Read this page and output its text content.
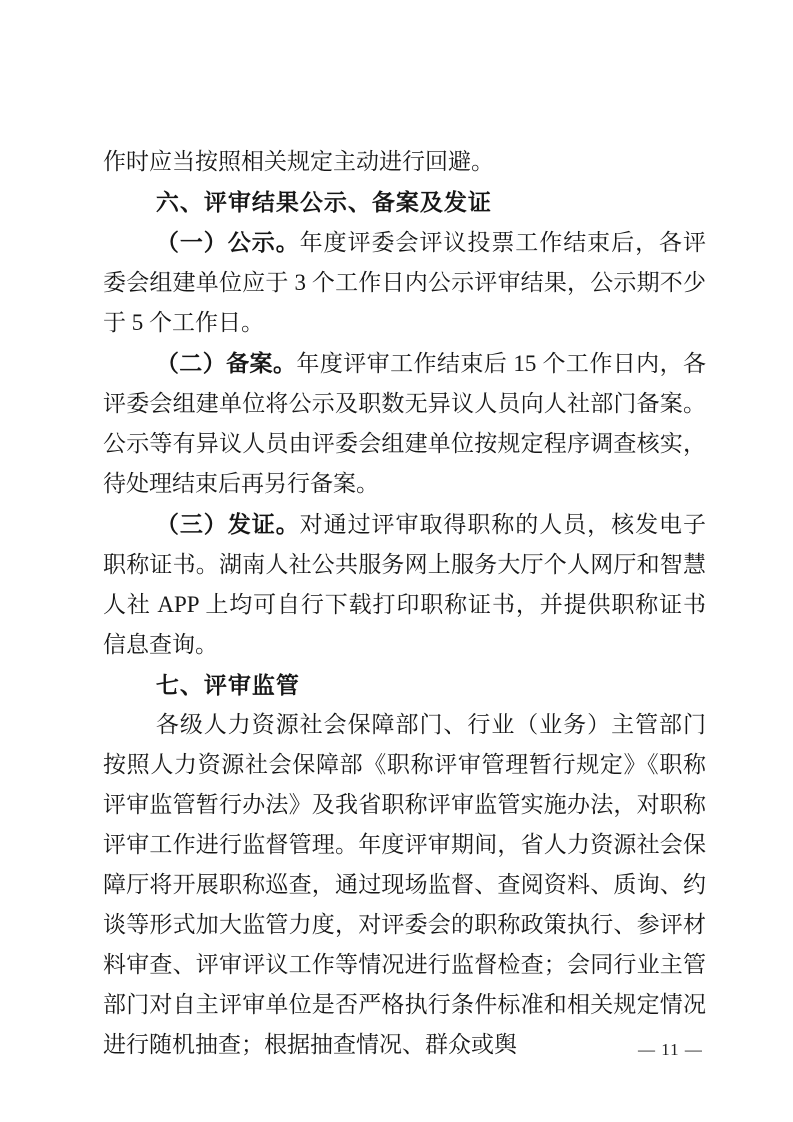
作时应当按照相关规定主动进行回避。

六、评审结果公示、备案及发证

（一）公示。年度评委会评议投票工作结束后，各评委会组建单位应于 3 个工作日内公示评审结果，公示期不少于 5 个工作日。

（二）备案。年度评审工作结束后 15 个工作日内，各评委会组建单位将公示及职数无异议人员向人社部门备案。公示等有异议人员由评委会组建单位按规定程序调查核实，待处理结束后再另行备案。

（三）发证。对通过评审取得职称的人员，核发电子职称证书。湖南人社公共服务网上服务大厅个人网厅和智慧人社 APP 上均可自行下载打印职称证书，并提供职称证书信息查询。

七、评审监管

各级人力资源社会保障部门、行业（业务）主管部门按照人力资源社会保障部《职称评审管理暂行规定》《职称评审监管暂行办法》及我省职称评审监管实施办法，对职称评审工作进行监督管理。年度评审期间，省人力资源社会保障厅将开展职称巡查，通过现场监督、查阅资料、质询、约谈等形式加大监管力度，对评委会的职称政策执行、参评材料审查、评审评议工作等情况进行监督检查；会同行业主管部门对自主评审单位是否严格执行条件标准和相关规定情况进行随机抽查；根据抽查情况、群众或舆	— 11 —
